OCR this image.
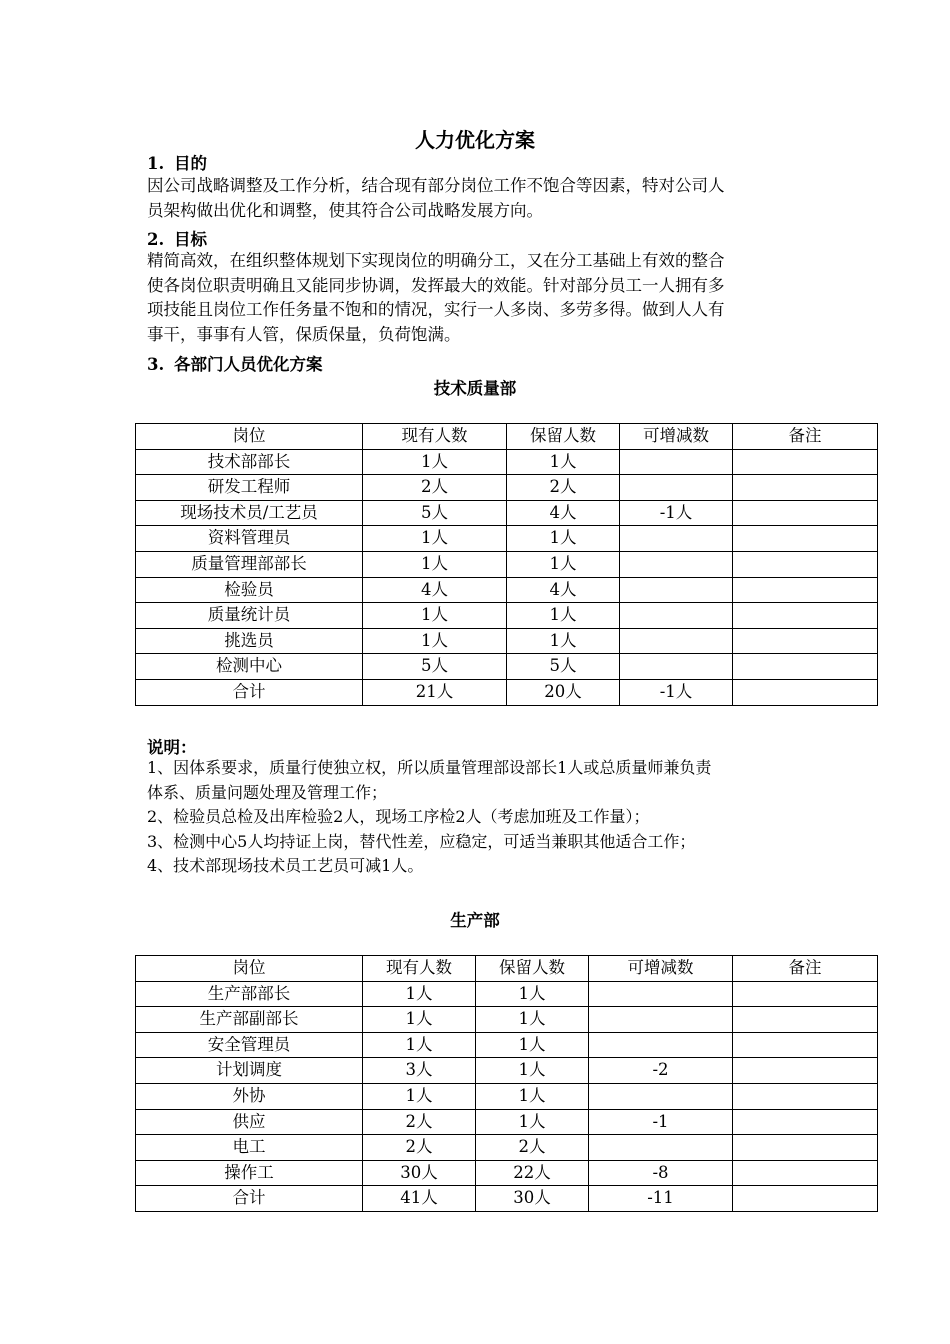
人力优化方案
1. 目的
因公司战略调整及工作分析，结合现有部分岗位工作不饱合等因素，特对公司人
员架构做出优化和调整，使其符合公司战略发展方向。
2. 目标
精简高效，在组织整体规划下实现岗位的明确分工，又在分工基础上有效的整合
使各岗位职责明确且又能同步协调，发挥最大的效能。针对部分员工一人拥有多
项技能且岗位工作任务量不饱和的情况，实行一人多岗、多劳多得。做到人人有
事干，事事有人管，保质保量，负荷饱满。
3. 各部门人员优化方案
技术质量部
岗位	现有人数	保留人数	可增减数	备注
技术部部长	1人	1人		
研发工程师	2人	2人		
现场技术员/工艺员	5人	4人	-1人	
资料管理员	1人	1人		
质量管理部部长	1人	1人		
检验员	4人	4人		
质量统计员	1人	1人		
挑选员	1人	1人		
检测中心	5人	5人		
合计	21人	20人	-1人	
说明：
1、因体系要求，质量行使独立权，所以质量管理部设部长1人或总质量师兼负责
体系、质量问题处理及管理工作；
2、检验员总检及出库检验2人，现场工序检2人（考虑加班及工作量）；
3、检测中心5人均持证上岗，替代性差，应稳定，可适当兼职其他适合工作；
4、技术部现场技术员工艺员可减1人。
生产部
岗位	现有人数	保留人数	可增减数	备注
生产部部长	1人	1人		
生产部副部长	1人	1人		
安全管理员	1人	1人		
计划调度	3人	1人	-2	
外协	1人	1人		
供应	2人	1人	-1	
电工	2人	2人		
操作工	30人	22人	-8	
合计	41人	30人	-11	
